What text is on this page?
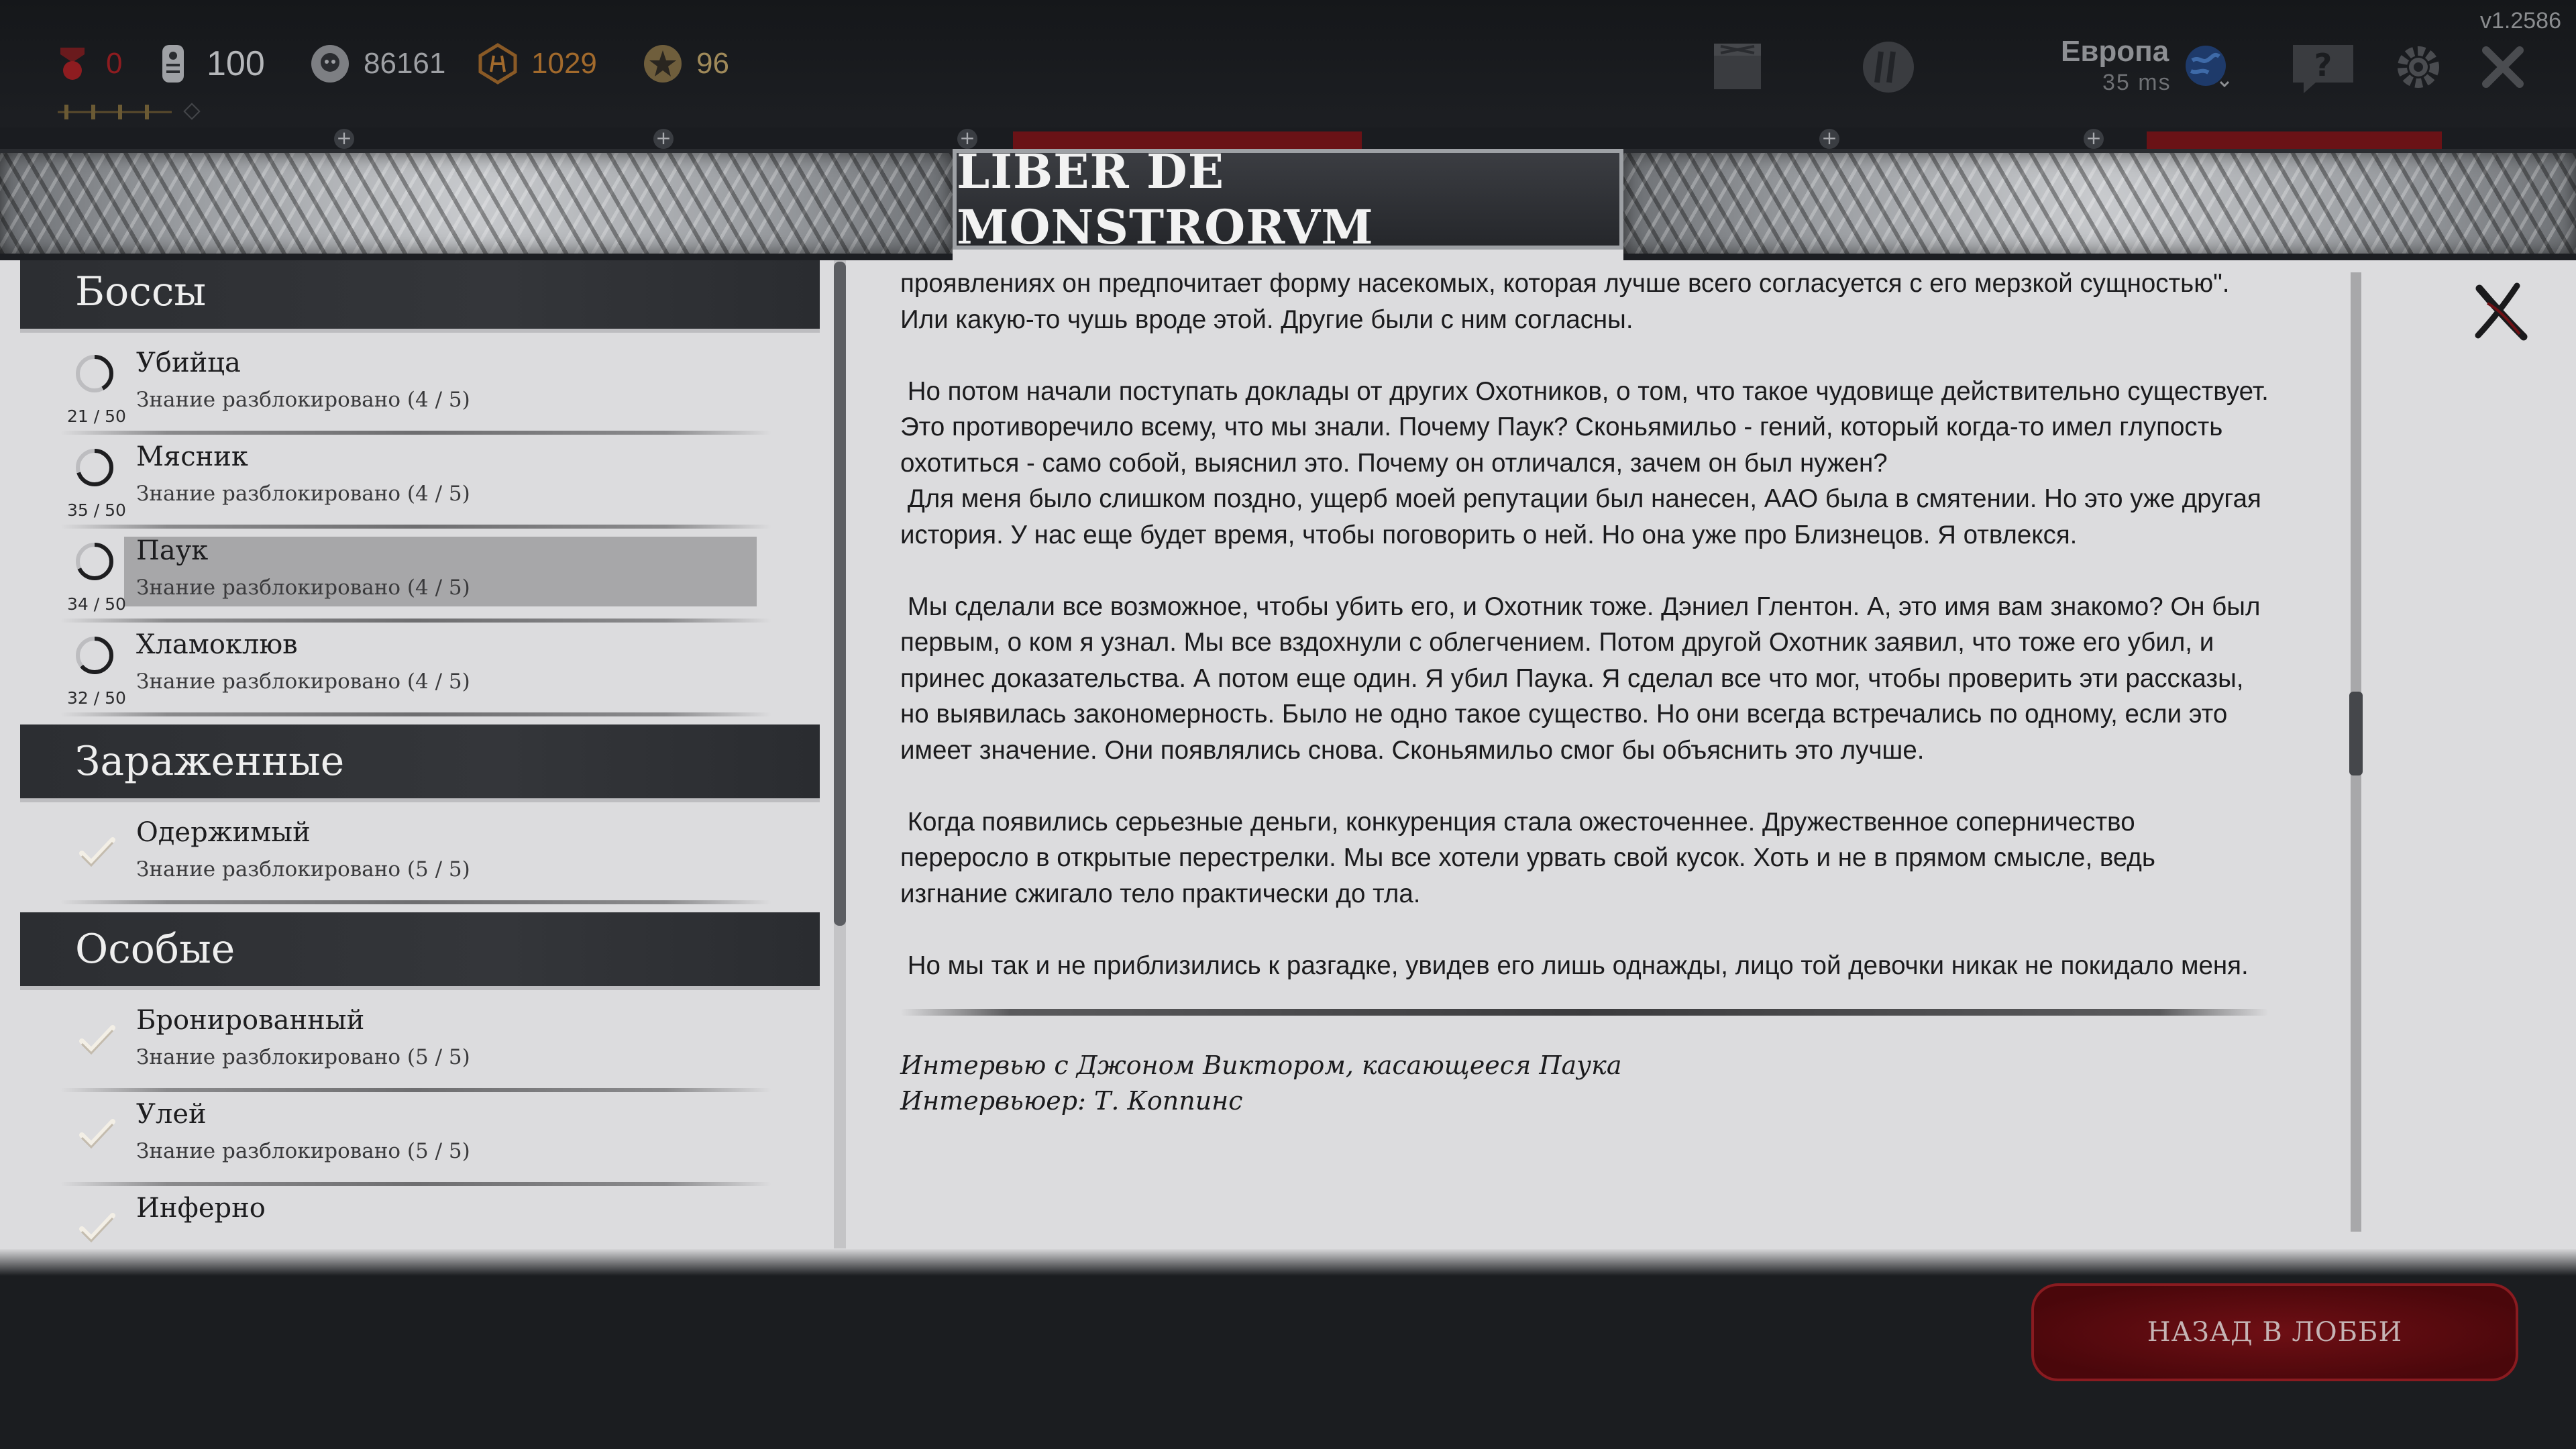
v1.2586
0 100	86161	1029	96	Европа
35 ms	?
+	+	+	+	+
Боссы
21 / 50
Убийца
Знание разблокировано (4 / 5)
35 / 50
Мясник
Знание разблокировано (4 / 5)
34 / 50
Паук
Знание разблокировано (4 / 5)
32 / 50
Хламоклюв
Знание разблокировано (4 / 5)
Зараженные
Одержимый
Знание разблокировано (5 / 5)
Особые
Бронированный
Знание разблокировано (5 / 5)
Улей
Знание разблокировано (5 / 5)
Инферно

проявлениях он предпочитает форму насекомых, которая лучше всего согласуется с его мерзкой сущностью". Или какую-то чушь вроде этой. Другие были с ним согласны.

Но потом начали поступать доклады от других Охотников, о том, что такое чудовище действительно существует. Это противоречило всему, что мы знали. Почему Паук? Сконьямильо - гений, который когда-то имел глупость охотиться - само собой, выяснил это. Почему он отличался, зачем он был нужен?
Для меня было слишком поздно, ущерб моей репутации был нанесен, ААО была в смятении. Но это уже другая история. У нас еще будет время, чтобы поговорить о ней. Но она уже про Близнецов. Я отвлекся.

Мы сделали все возможное, чтобы убить его, и Охотник тоже. Дэниел Глентон. А, это имя вам знакомо? Он был первым, о ком я узнал. Мы все вздохнули с облегчением. Потом другой Охотник заявил, что тоже его убил, и принес доказательства. А потом еще один. Я убил Паука. Я сделал все что мог, чтобы проверить эти рассказы, но выявилась закономерность. Было не одно такое существо. Но они всегда встречались по одному, если это имеет значение. Они появлялись снова. Сконьямильо смог бы объяснить это лучше.

Когда появились серьезные деньги, конкуренция стала ожесточеннее. Дружественное соперничество переросло в открытые перестрелки. Мы все хотели урвать свой кусок. Хоть и не в прямом смысле, ведь изгнание сжигало тело практически до тла.

Но мы так и не приблизились к разгадке, увидев его лишь однажды, лицо той девочки никак не покидало меня.

Интервью с Джоном Виктором, касающееся Паука

Интервьюер: Т. Коппинс

LIBER DE MONSTRORVM
НАЗАД В ЛОББИ
